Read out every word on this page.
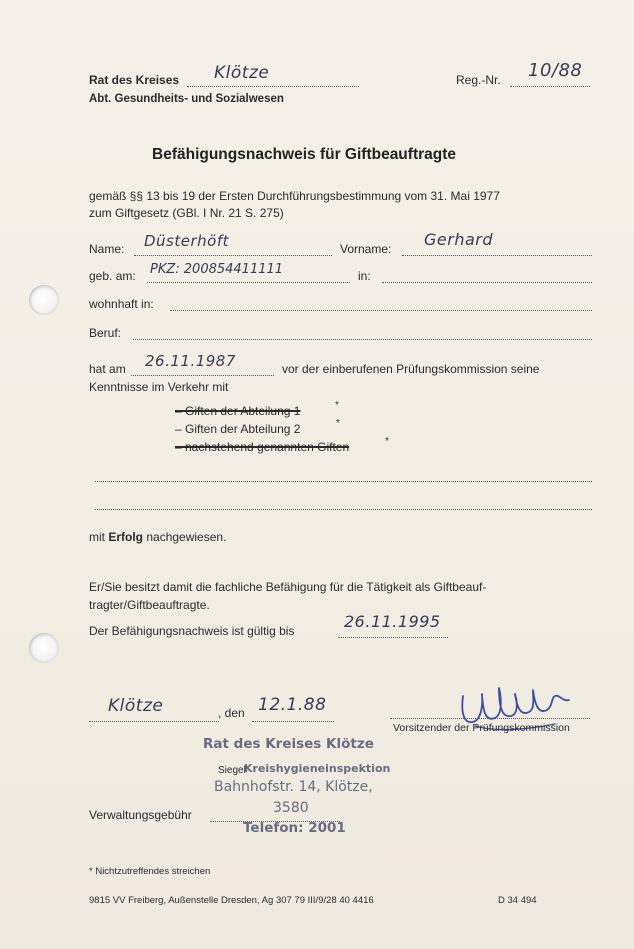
Rat des Kreises Klötze	Reg.-Nr. 10/88
Abt. Gesundheits- und Sozialwesen
Befähigungsnachweis für Giftbeauftragte
gemäß §§ 13 bis 19 der Ersten Durchführungsbestimmung vom 31. Mai 1977
zum Giftgesetz (GBl. I Nr. 21 S. 275)
Name: Düsterhöft	Vorname: Gerhard
geb. am: PKZ: 200854411111	in:
wohnhaft in:
Beruf:
hat am 26.11.1987	vor der einberufenen Prüfungskommission seine
Kenntnisse im Verkehr mit
– Giften der Abteilung 1	*
– Giften der Abteilung 2	*
– nachstehend genannten Giften	*
mit Erfolg nachgewiesen.
Er/Sie besitzt damit die fachliche Befähigung für die Tätigkeit als Giftbeauf-
tragter/Giftbeauftragte.
Der Befähigungsnachweis ist gültig bis	26.11.1995
Klötze	, den 12.1.88
Vorsitzender der Prüfungskommission
Rat des Kreises Klötze
Kreishygieneinspektion
Siegel
Bahnhofstr. 14, Klötze,
3580
Telefon: 2001
Verwaltungsgebühr
* Nichtzutreffendes streichen
9815 VV Freiberg, Außenstelle Dresden, Ag 307 79 III/9/28 40 4416	D 34 494
